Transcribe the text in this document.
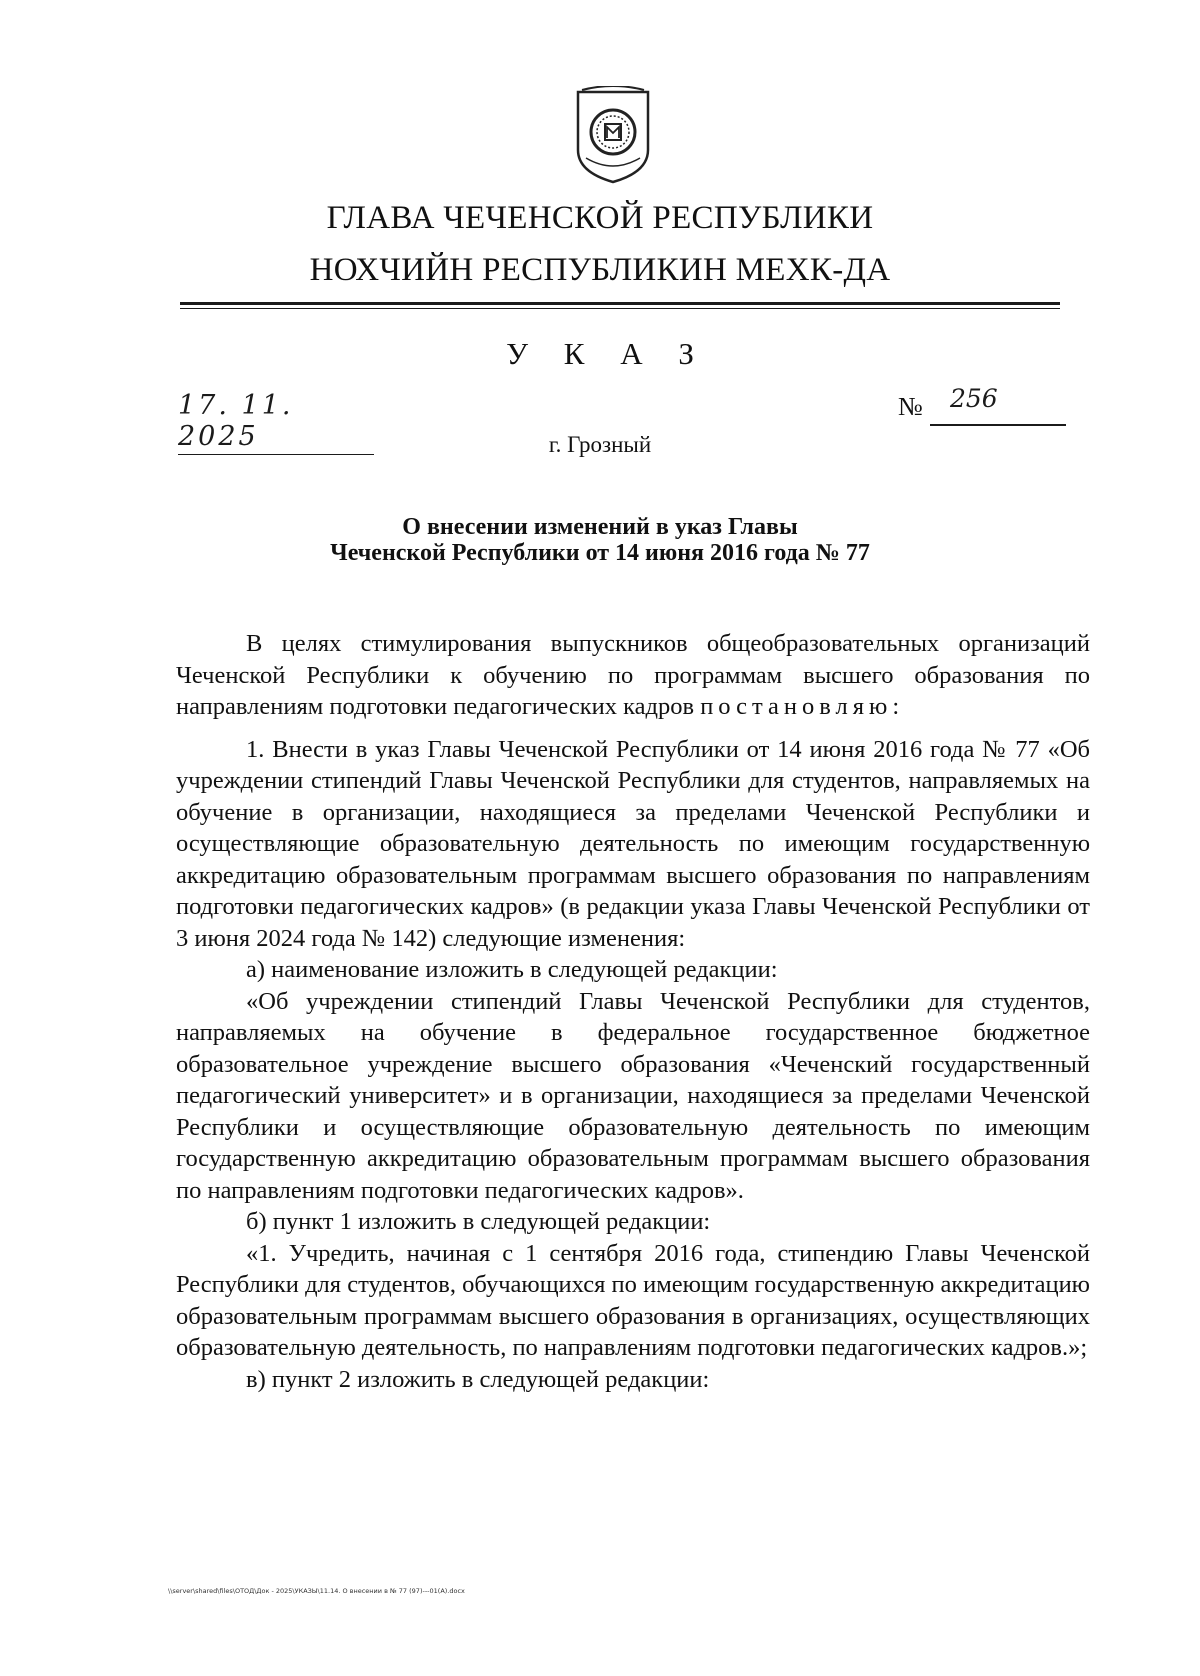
ГЛАВА ЧЕЧЕНСКОЙ РЕСПУБЛИКИ
НОХЧИЙН РЕСПУБЛИКИН МЕХК-ДА
У К А З
17. 11. 2025
№ 256
г. Грозный
О внесении изменений в указ Главы
Чеченской Республики от 14 июня 2016 года № 77

В целях стимулирования выпускников общеобразовательных организаций Чеченской Республики к обучению по программам высшего образования по направлениям подготовки педагогических кадров постановляю:

1. Внести в указ Главы Чеченской Республики от 14 июня 2016 года № 77 «Об учреждении стипендий Главы Чеченской Республики для студентов, направляемых на обучение в организации, находящиеся за пределами Чеченской Республики и осуществляющие образовательную деятельность по имеющим государственную аккредитацию образовательным программам высшего образования по направлениям подготовки педагогических кадров» (в редакции указа Главы Чеченской Республики от 3 июня 2024 года № 142) следующие изменения:

а) наименование изложить в следующей редакции:

«Об учреждении стипендий Главы Чеченской Республики для студентов, направляемых на обучение в федеральное государственное бюджетное образовательное учреждение высшего образования «Чеченский государственный педагогический университет» и в организации, находящиеся за пределами Чеченской Республики и осуществляющие образовательную деятельность по имеющим государственную аккредитацию образовательным программам высшего образования по направлениям подготовки педагогических кадров».

б) пункт 1 изложить в следующей редакции:

«1. Учредить, начиная с 1 сентября 2016 года, стипендию Главы Чеченской Республики для студентов, обучающихся по имеющим государственную аккредитацию образовательным программам высшего образования в организациях, осуществляющих образовательную деятельность, по направлениям подготовки педагогических кадров.»;

в) пункт 2 изложить в следующей редакции:

\\server\shared\files\ОТОД\Док - 2025\УКАЗЫ\11.14. О внесении в № 77 (97)---01(А).docx
